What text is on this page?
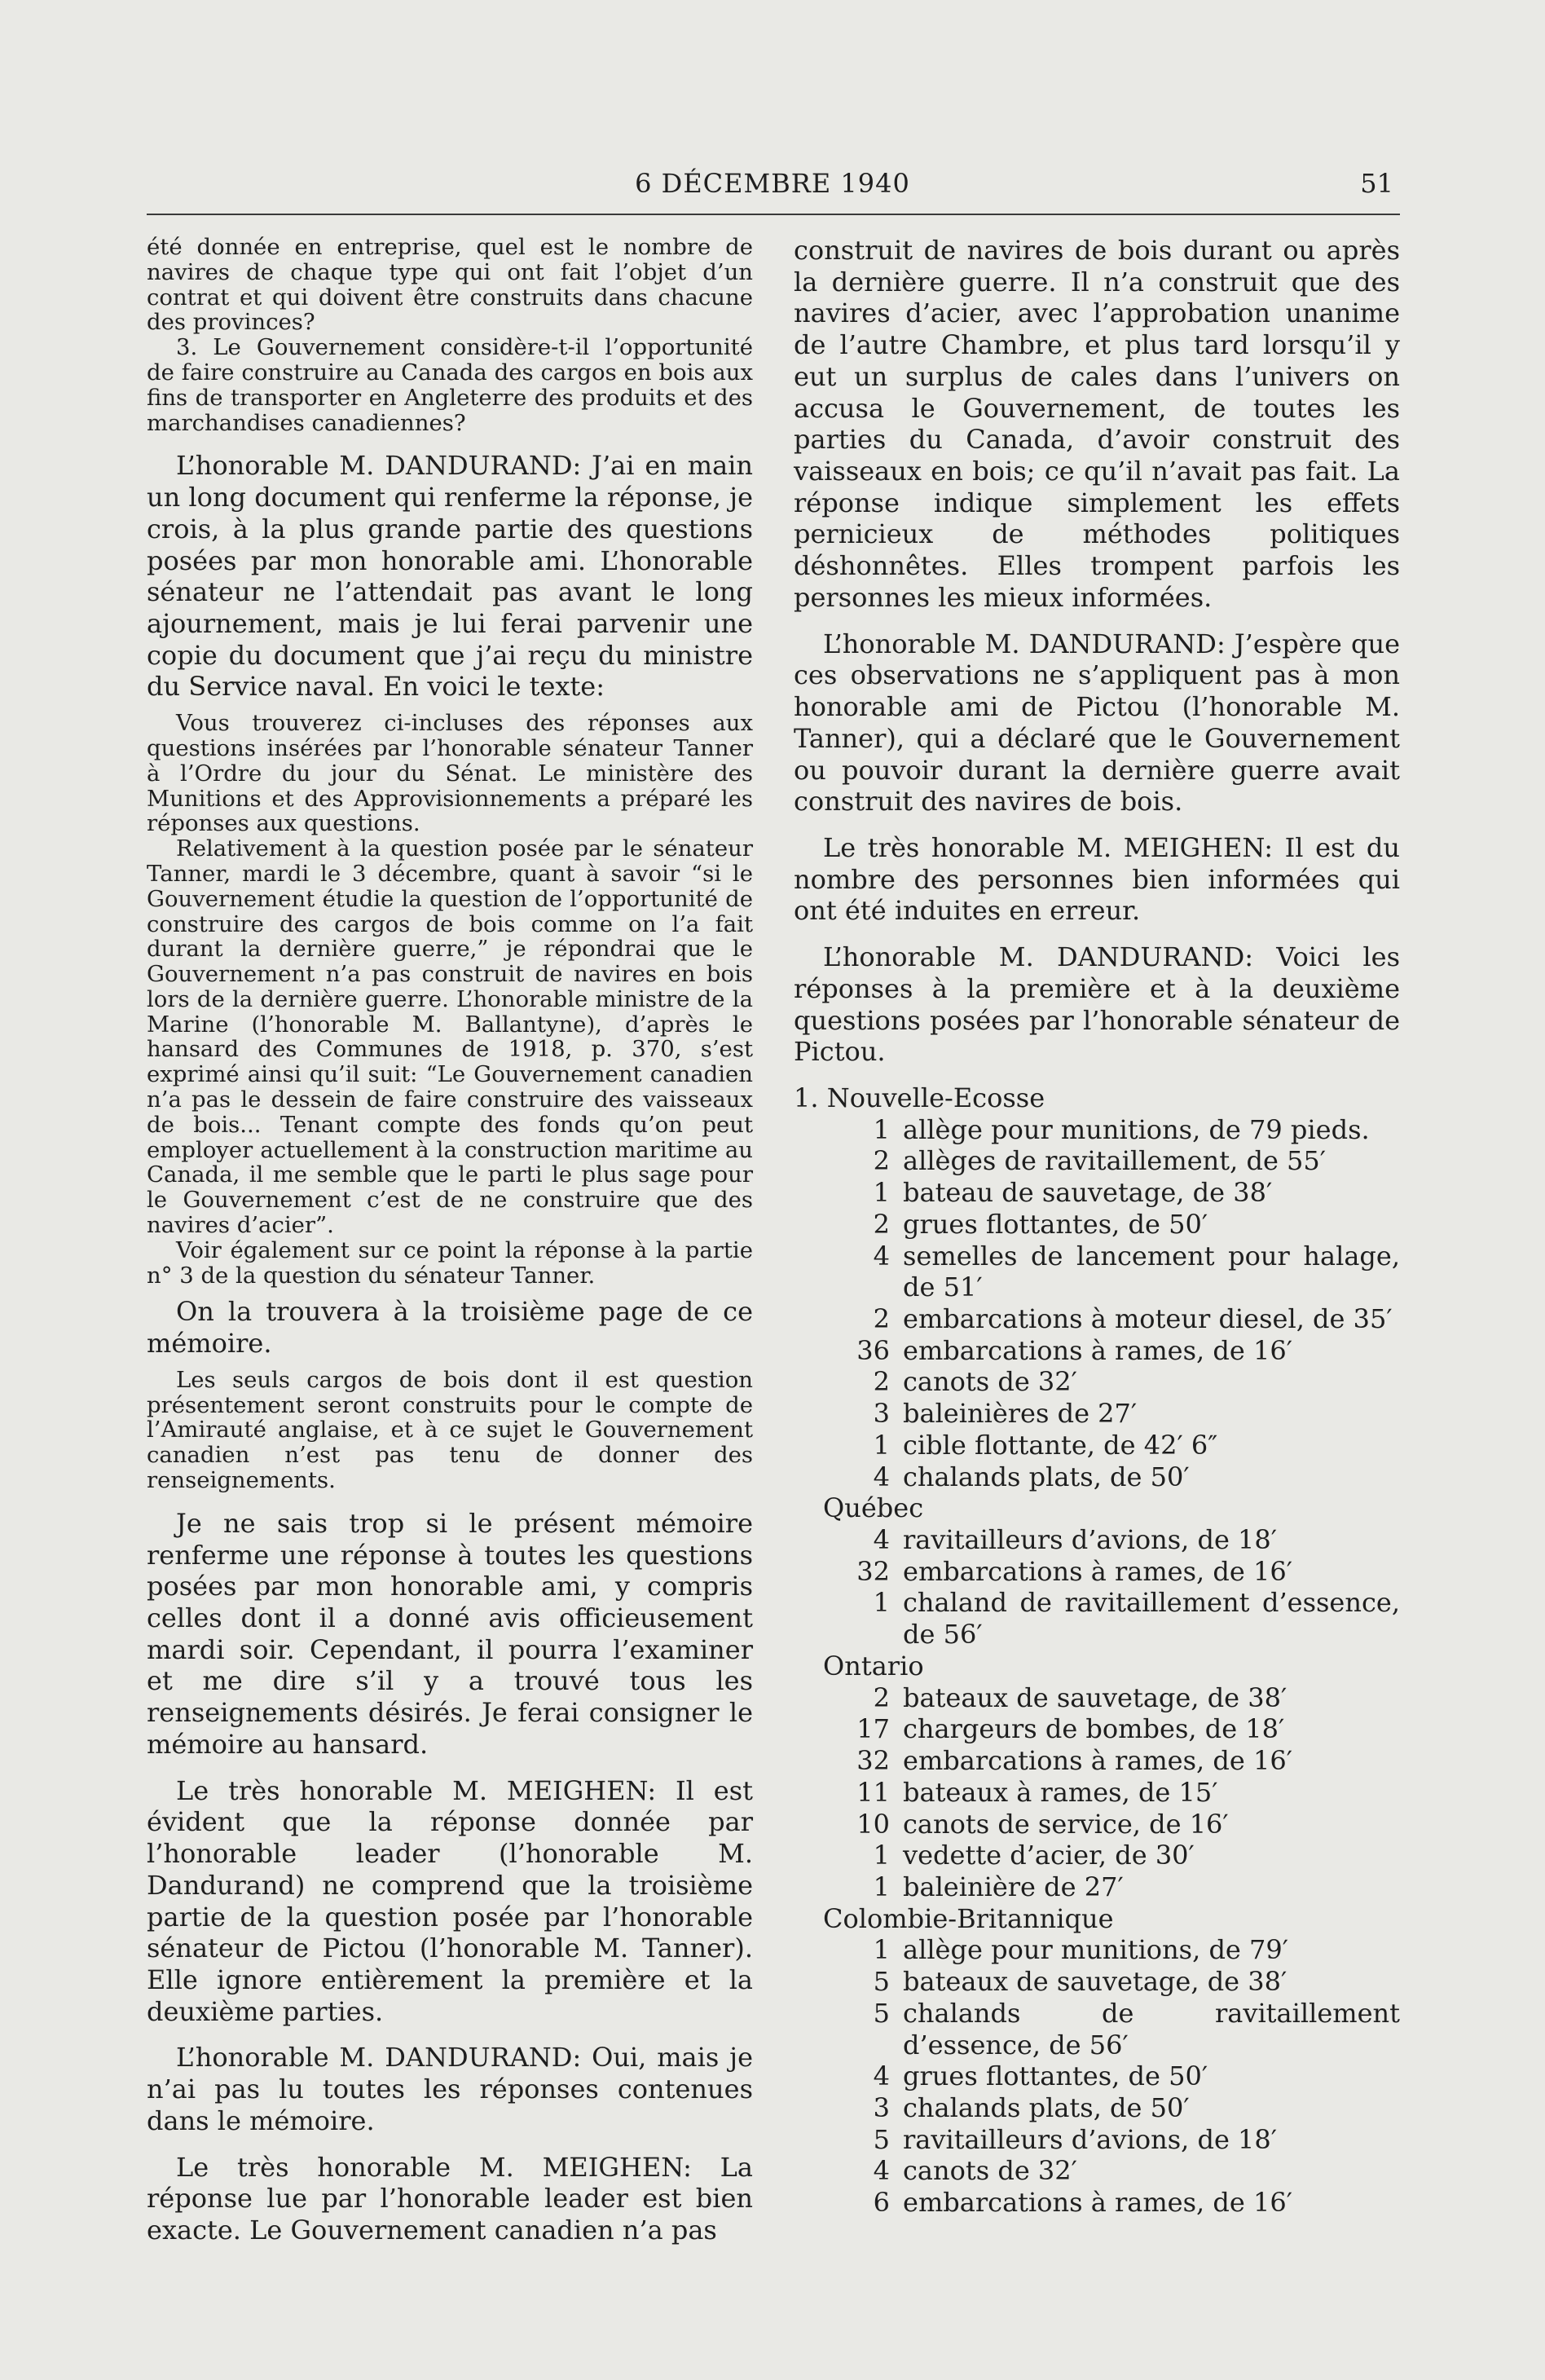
6 DÉCEMBRE 1940	51

été donnée en entreprise, quel est le nombre de navires de chaque type qui ont fait l’objet d’un contrat et qui doivent être construits dans chacune des provinces?

3. Le Gouvernement considère-t-il l’opportunité de faire construire au Canada des cargos en bois aux fins de transporter en Angleterre des produits et des marchandises canadiennes?

L’honorable M. DANDURAND: J’ai en main un long document qui renferme la réponse, je crois, à la plus grande partie des questions posées par mon honorable ami. L’honorable sénateur ne l’attendait pas avant le long ajournement, mais je lui ferai parvenir une copie du document que j’ai reçu du ministre du Service naval. En voici le texte:

Vous trouverez ci-incluses des réponses aux questions insérées par l’honorable sénateur Tanner à l’Ordre du jour du Sénat. Le ministère des Munitions et des Approvisionnements a préparé les réponses aux questions.

Relativement à la question posée par le sénateur Tanner, mardi le 3 décembre, quant à savoir “si le Gouvernement étudie la question de l’opportunité de construire des cargos de bois comme on l’a fait durant la dernière guerre,” je répondrai que le Gouvernement n’a pas construit de navires en bois lors de la dernière guerre. L’honorable ministre de la Marine (l’honorable M. Ballantyne), d’après le hansard des Communes de 1918, p. 370, s’est exprimé ainsi qu’il suit: “Le Gouvernement canadien n’a pas le dessein de faire construire des vaisseaux de bois... Tenant compte des fonds qu’on peut employer actuellement à la construction maritime au Canada, il me semble que le parti le plus sage pour le Gouvernement c’est de ne construire que des navires d’acier”.

Voir également sur ce point la réponse à la partie n° 3 de la question du sénateur Tanner.

On la trouvera à la troisième page de ce mémoire.

Les seuls cargos de bois dont il est question présentement seront construits pour le compte de l’Amirauté anglaise, et à ce sujet le Gouvernement canadien n’est pas tenu de donner des renseignements.

Je ne sais trop si le présent mémoire renferme une réponse à toutes les questions posées par mon honorable ami, y compris celles dont il a donné avis officieusement mardi soir. Cependant, il pourra l’examiner et me dire s’il y a trouvé tous les renseignements désirés. Je ferai consigner le mémoire au hansard.

Le très honorable M. MEIGHEN: Il est évident que la réponse donnée par l’honorable leader (l’honorable M. Dandurand) ne comprend que la troisième partie de la question posée par l’honorable sénateur de Pictou (l’honorable M. Tanner). Elle ignore entièrement la première et la deuxième parties.

L’honorable M. DANDURAND: Oui, mais je n’ai pas lu toutes les réponses contenues dans le mémoire.

Le très honorable M. MEIGHEN: La réponse lue par l’honorable leader est bien exacte. Le Gouvernement canadien n’a pas

construit de navires de bois durant ou après la dernière guerre. Il n’a construit que des navires d’acier, avec l’approbation unanime de l’autre Chambre, et plus tard lorsqu’il y eut un surplus de cales dans l’univers on accusa le Gouvernement, de toutes les parties du Canada, d’avoir construit des vaisseaux en bois; ce qu’il n’avait pas fait. La réponse indique simplement les effets pernicieux de méthodes politiques déshonnêtes. Elles trompent parfois les personnes les mieux informées.

L’honorable M. DANDURAND: J’espère que ces observations ne s’appliquent pas à mon honorable ami de Pictou (l’honorable M. Tanner), qui a déclaré que le Gouvernement ou pouvoir durant la dernière guerre avait construit des navires de bois.

Le très honorable M. MEIGHEN: Il est du nombre des personnes bien informées qui ont été induites en erreur.

L’honorable M. DANDURAND: Voici les réponses à la première et à la deuxième questions posées par l’honorable sénateur de Pictou.

1. Nouvelle-Ecosse
1 allège pour munitions, de 79 pieds.
2 allèges de ravitaillement, de 55′
1 bateau de sauvetage, de 38′
2 grues flottantes, de 50′
4 semelles de lancement pour halage, de 51′
2 embarcations à moteur diesel, de 35′
36 embarcations à rames, de 16′
2 canots de 32′
3 baleinières de 27′
1 cible flottante, de 42′ 6″
4 chalands plats, de 50′
Québec
4 ravitailleurs d’avions, de 18′
32 embarcations à rames, de 16′
1 chaland de ravitaillement d’essence, de 56′
Ontario
2 bateaux de sauvetage, de 38′
17 chargeurs de bombes, de 18′
32 embarcations à rames, de 16′
11 bateaux à rames, de 15′
10 canots de service, de 16′
1 vedette d’acier, de 30′
1 baleinière de 27′
Colombie-Britannique
1 allège pour munitions, de 79′
5 bateaux de sauvetage, de 38′
5 chalands de ravitaillement d’essence, de 56′
4 grues flottantes, de 50′
3 chalands plats, de 50′
5 ravitailleurs d’avions, de 18′
4 canots de 32′
6 embarcations à rames, de 16′
